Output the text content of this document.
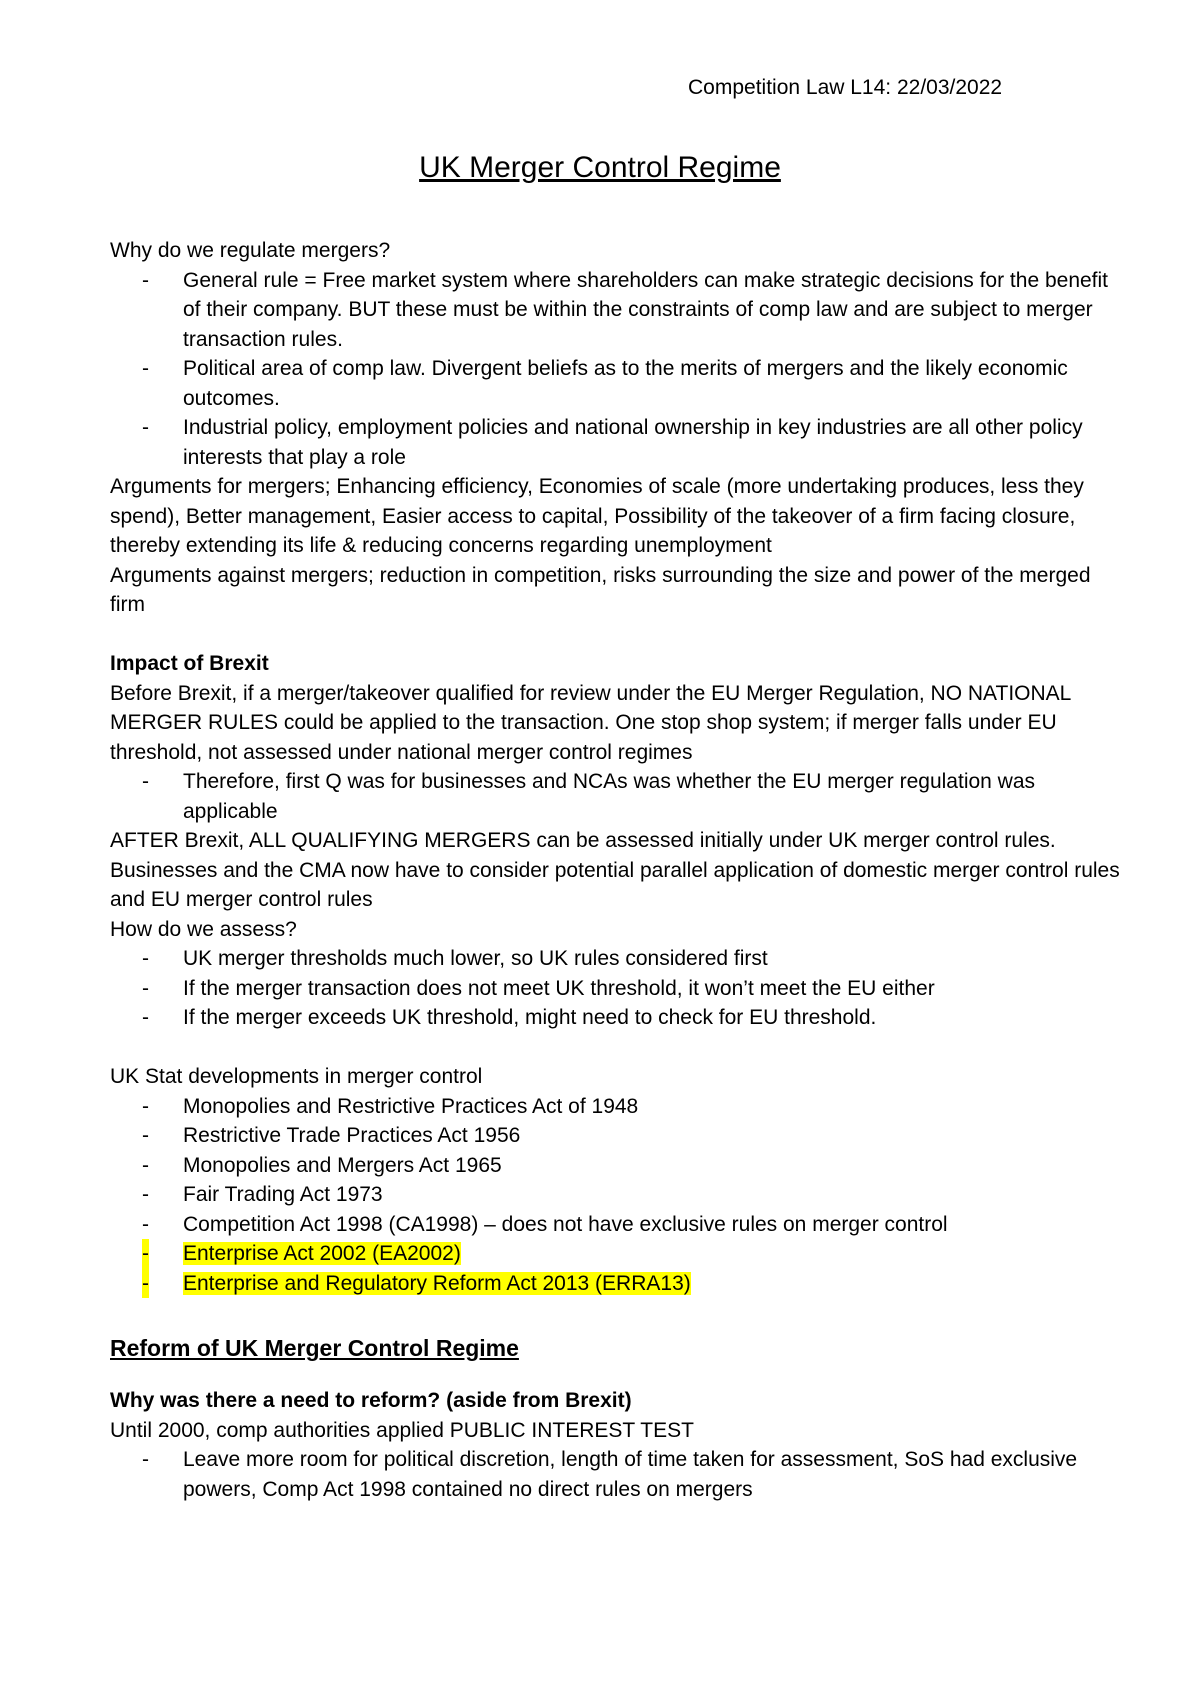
Competition Law L14: 22/03/2022
UK Merger Control Regime

Why do we regulate mergers?

- General rule = Free market system where shareholders can make strategic decisions for the benefit of their company. BUT these must be within the constraints of comp law and are subject to merger transaction rules.
- Political area of comp law. Divergent beliefs as to the merits of mergers and the likely economic outcomes.
- Industrial policy, employment policies and national ownership in key industries are all other policy interests that play a role

Arguments for mergers; Enhancing efficiency, Economies of scale (more undertaking produces, less they spend), Better management, Easier access to capital, Possibility of the takeover of a firm facing closure, thereby extending its life & reducing concerns regarding unemployment

Arguments against mergers; reduction in competition, risks surrounding the size and power of the merged firm

Impact of Brexit

Before Brexit, if a merger/takeover qualified for review under the EU Merger Regulation, NO NATIONAL MERGER RULES could be applied to the transaction. One stop shop system; if merger falls under EU threshold, not assessed under national merger control regimes

- Therefore, first Q was for businesses and NCAs was whether the EU merger regulation was applicable

AFTER Brexit, ALL QUALIFYING MERGERS can be assessed initially under UK merger control rules. Businesses and the CMA now have to consider potential parallel application of domestic merger control rules and EU merger control rules

How do we assess?

- UK merger thresholds much lower, so UK rules considered first
- If the merger transaction does not meet UK threshold, it won’t meet the EU either
- If the merger exceeds UK threshold, might need to check for EU threshold.

UK Stat developments in merger control

- Monopolies and Restrictive Practices Act of 1948
- Restrictive Trade Practices Act 1956
- Monopolies and Mergers Act 1965
- Fair Trading Act 1973
- Competition Act 1998 (CA1998) – does not have exclusive rules on merger control
- Enterprise Act 2002 (EA2002)
- Enterprise and Regulatory Reform Act 2013 (ERRA13)

Reform of UK Merger Control Regime

Why was there a need to reform? (aside from Brexit)

Until 2000, comp authorities applied PUBLIC INTEREST TEST

- Leave more room for political discretion, length of time taken for assessment, SoS had exclusive powers, Comp Act 1998 contained no direct rules on mergers
